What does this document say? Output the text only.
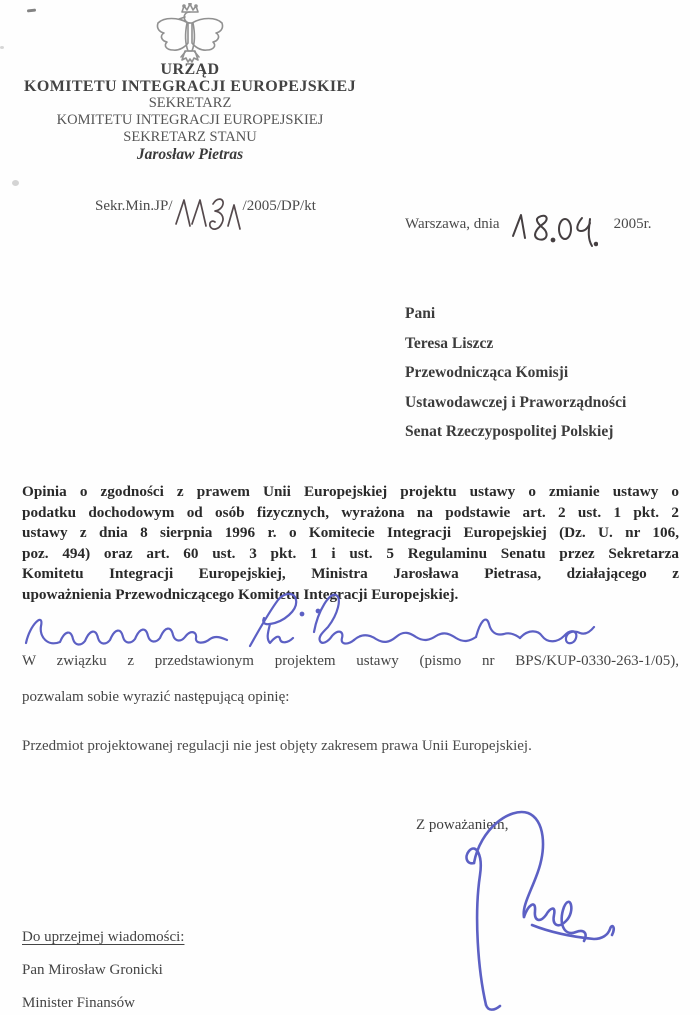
URZĄD
KOMITETU INTEGRACJI EUROPEJSKIEJ
SEKRETARZ
KOMITETU INTEGRACJI EUROPEJSKIEJ
SEKRETARZ STANU
Jarosław Pietras
Sekr.Min.JP/	/2005/DP/kt
Warszawa, dnia	2005r.
Pani
Teresa Liszcz
Przewodnicząca Komisji
Ustawodawczej i Praworządności
Senat Rzeczypospolitej Polskiej
Opinia o zgodności z prawem Unii Europejskiej projektu ustawy o zmianie ustawy o
podatku dochodowym od osób fizycznych, wyrażona na podstawie art. 2 ust. 1 pkt. 2
ustawy z dnia 8 sierpnia 1996 r. o Komitecie Integracji Europejskiej (Dz. U. nr 106,
poz. 494) oraz art. 60 ust. 3 pkt. 1 i ust. 5 Regulaminu Senatu przez Sekretarza
Komitetu Integracji Europejskiej, Ministra Jarosława Pietrasa, działającego z
upoważnienia Przewodniczącego Komitetu Integracji Europejskiej.
W związku z przedstawionym projektem ustawy (pismo nr BPS/KUP-0330-263-1/05),
pozwalam sobie wyrazić następującą opinię:
Przedmiot projektowanej regulacji nie jest objęty zakresem prawa Unii Europejskiej.
Z poważaniem,
Do uprzejmej wiadomości:
Pan Mirosław Gronicki
Minister Finansów
